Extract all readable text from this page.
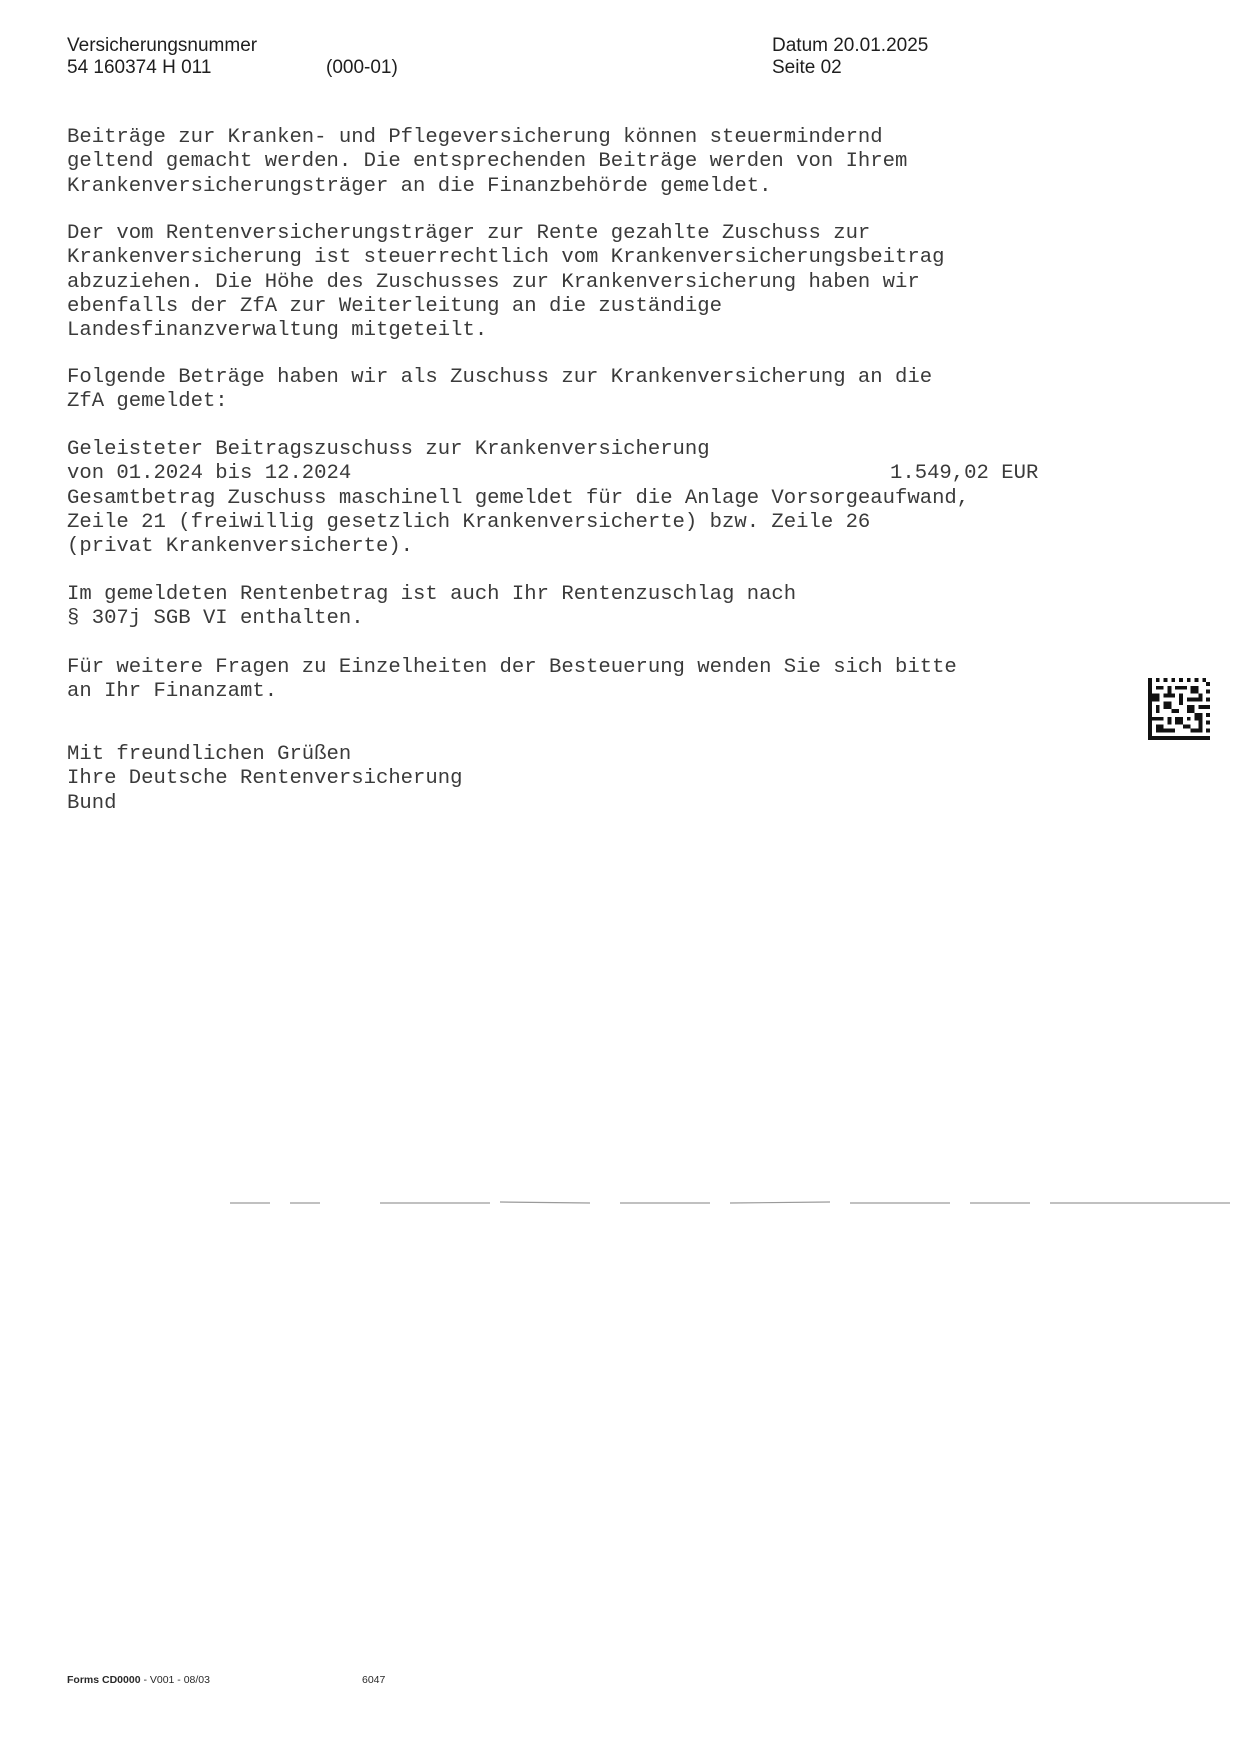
Versicherungsnummer
54 160374 H 011	(000-01)
Datum 20.01.2025
Seite 02

Beiträge zur Kranken- und Pflegeversicherung können steuermindernd
geltend gemacht werden. Die entsprechenden Beiträge werden von Ihrem
Krankenversicherungsträger an die Finanzbehörde gemeldet.

Der vom Rentenversicherungsträger zur Rente gezahlte Zuschuss zur
Krankenversicherung ist steuerrechtlich vom Krankenversicherungsbeitrag
abzuziehen. Die Höhe des Zuschusses zur Krankenversicherung haben wir
ebenfalls der ZfA zur Weiterleitung an die zuständige
Landesfinanzverwaltung mitgeteilt.

Folgende Beträge haben wir als Zuschuss zur Krankenversicherung an die
ZfA gemeldet:

Geleisteter Beitragszuschuss zur Krankenversicherung
von 01.2024 bis 12.2024
Gesamtbetrag Zuschuss maschinell gemeldet für die Anlage Vorsorgeaufwand,
Zeile 21 (freiwillig gesetzlich Krankenversicherte) bzw. Zeile 26
(privat Krankenversicherte).

1.549,02 EUR

Im gemeldeten Rentenbetrag ist auch Ihr Rentenzuschlag nach
§ 307j SGB VI enthalten.

Für weitere Fragen zu Einzelheiten der Besteuerung wenden Sie sich bitte
an Ihr Finanzamt.

Mit freundlichen Grüßen
Ihre Deutsche Rentenversicherung
Bund

Forms CD0000 - V001 - 08/03	6047
